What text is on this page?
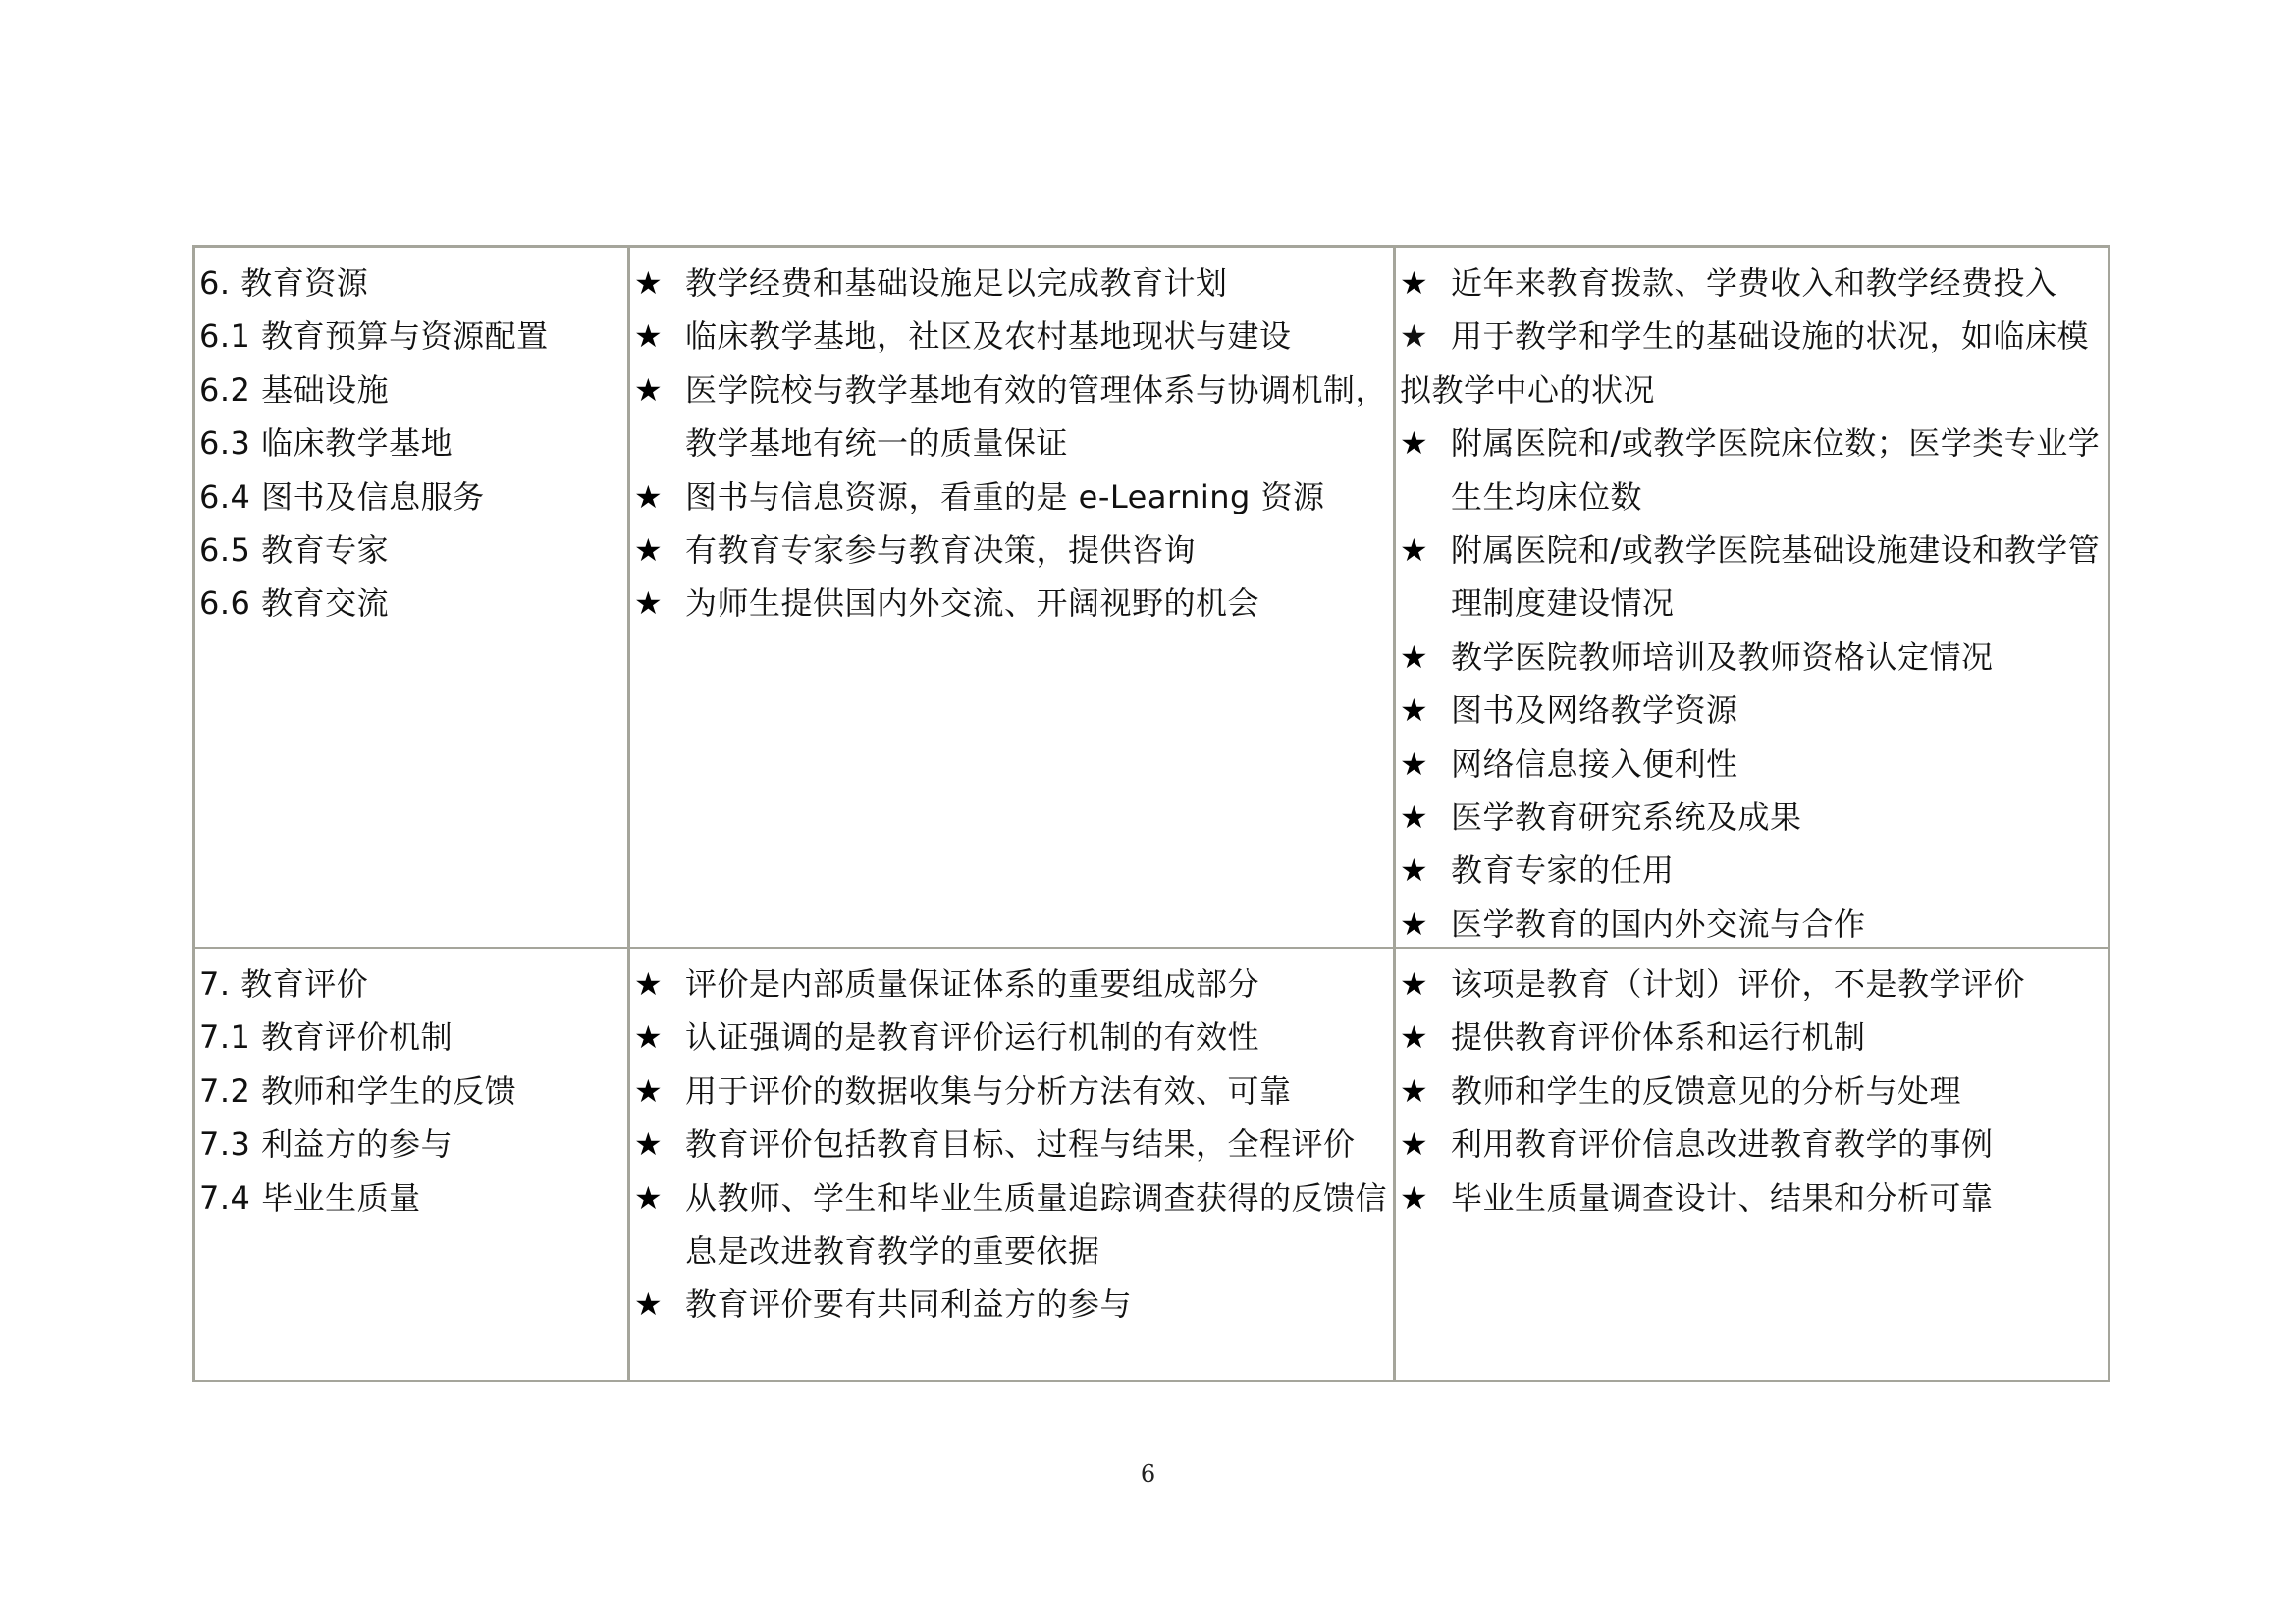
6. 教育资源
6.1 教育预算与资源配置
6.2 基础设施
6.3 临床教学基地
6.4 图书及信息服务
6.5 教育专家
6.6 教育交流
★ 教学经费和基础设施足以完成教育计划
★ 临床教学基地，社区及农村基地现状与建设
★ 医学院校与教学基地有效的管理体系与协调机制，教学基地有统一的质量保证
★ 图书与信息资源，看重的是 e-Learning 资源
★ 有教育专家参与教育决策，提供咨询
★ 为师生提供国内外交流、开阔视野的机会
★ 近年来教育拨款、学费收入和教学经费投入
★ 用于教学和学生的基础设施的状况，如临床模拟教学中心的状况
★ 附属医院和/或教学医院床位数；医学类专业学生生均床位数
★ 附属医院和/或教学医院基础设施建设和教学管理制度建设情况
★ 教学医院教师培训及教师资格认定情况
★ 图书及网络教学资源
★ 网络信息接入便利性
★ 医学教育研究系统及成果
★ 教育专家的任用
★ 医学教育的国内外交流与合作
7. 教育评价
7.1 教育评价机制
7.2 教师和学生的反馈
7.3 利益方的参与
7.4 毕业生质量
★ 评价是内部质量保证体系的重要组成部分
★ 认证强调的是教育评价运行机制的有效性
★ 用于评价的数据收集与分析方法有效、可靠
★ 教育评价包括教育目标、过程与结果，全程评价
★ 从教师、学生和毕业生质量追踪调查获得的反馈信息是改进教育教学的重要依据
★ 教育评价要有共同利益方的参与
★ 该项是教育（计划）评价，不是教学评价
★ 提供教育评价体系和运行机制
★ 教师和学生的反馈意见的分析与处理
★ 利用教育评价信息改进教育教学的事例
★ 毕业生质量调查设计、结果和分析可靠
6
